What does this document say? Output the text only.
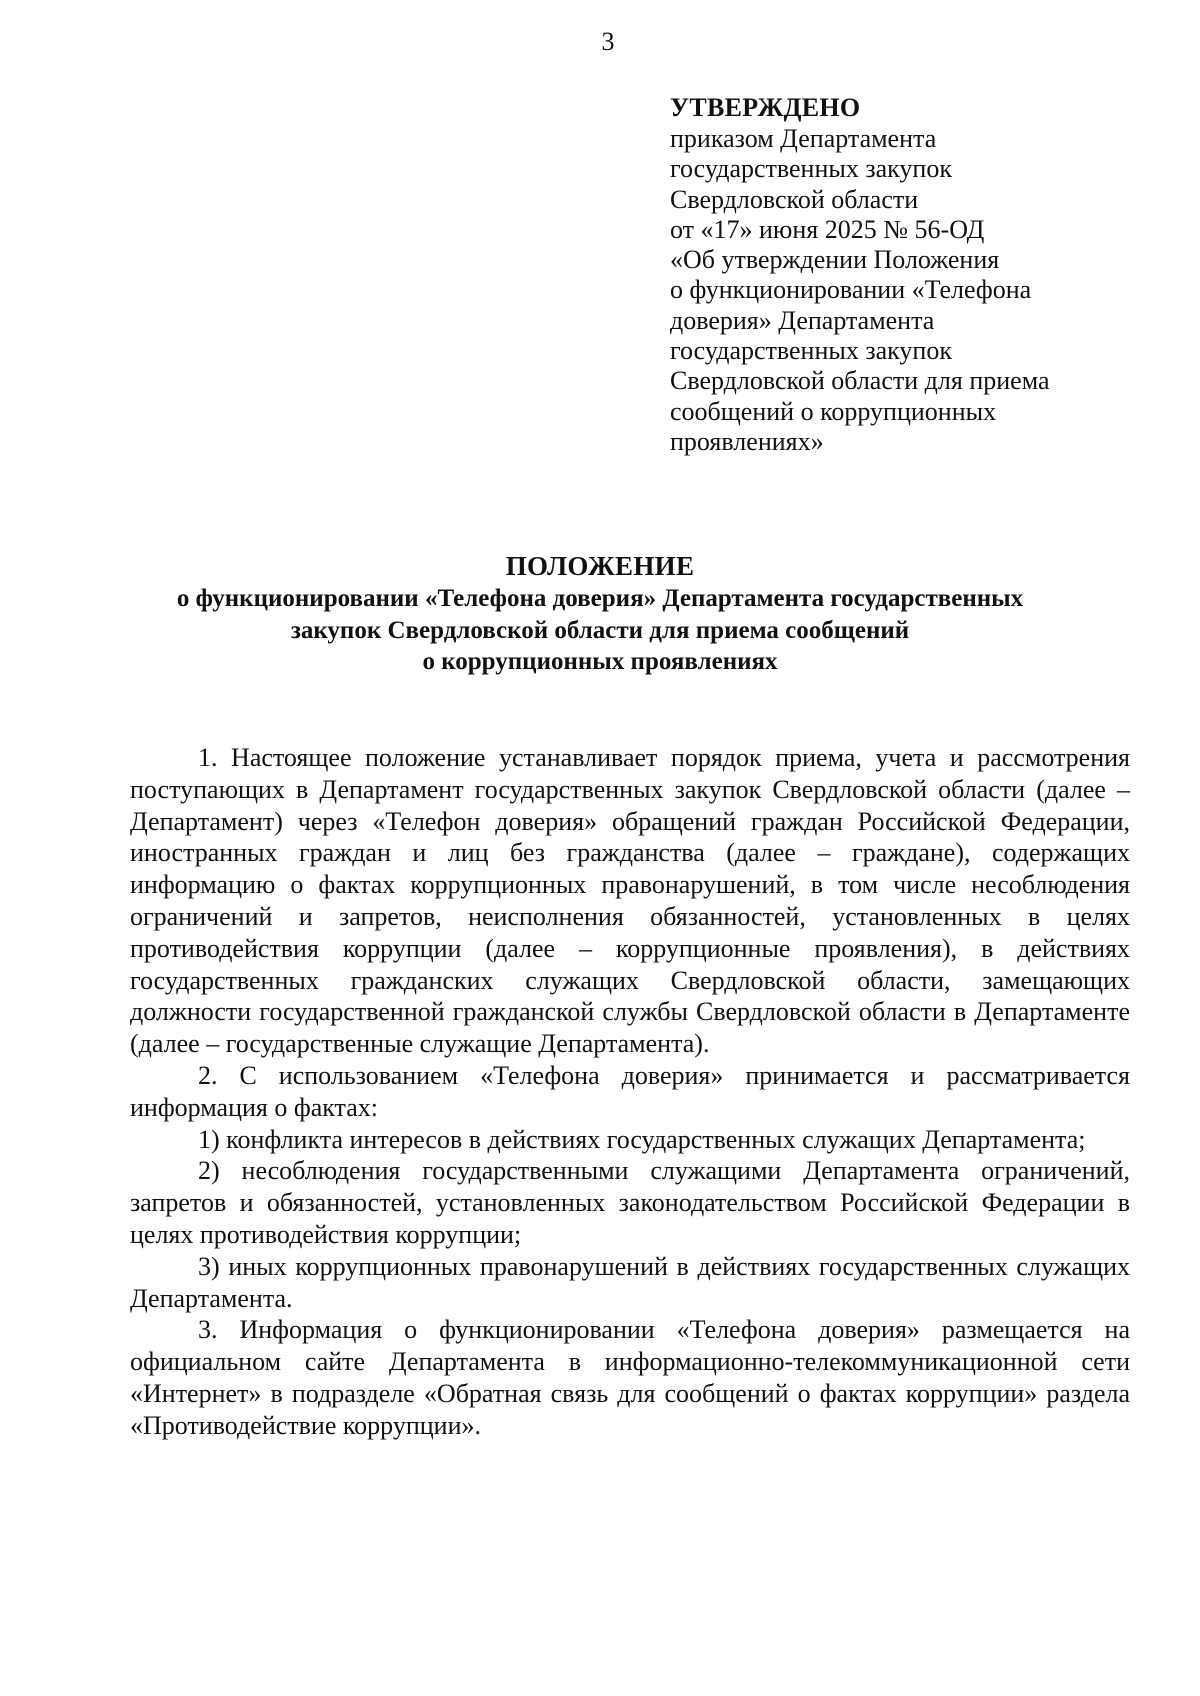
3
УТВЕРЖДЕНО
приказом Департамента
государственных закупок
Свердловской области
от «17» июня 2025 № 56-ОД
«Об утверждении Положения
о функционировании «Телефона
доверия» Департамента
государственных закупок
Свердловской области для приема
сообщений о коррупционных
проявлениях»
ПОЛОЖЕНИЕ
о функционировании «Телефона доверия» Департамента государственных
закупок Свердловской области для приема сообщений
о коррупционных проявлениях

1. Настоящее положение устанавливает порядок приема, учета и рассмотрения поступающих в Департамент государственных закупок Свердловской области (далее – Департамент) через «Телефон доверия» обращений граждан Российской Федерации, иностранных граждан и лиц без гражданства (далее – граждане), содержащих информацию о фактах коррупционных правонарушений, в том числе несоблюдения ограничений и запретов, неисполнения обязанностей, установленных в целях противодействия коррупции (далее – коррупционные проявления), в действиях государственных гражданских служащих Свердловской области, замещающих должности государственной гражданской службы Свердловской области в Департаменте (далее – государственные служащие Департамента).

2. С использованием «Телефона доверия» принимается и рассматривается информация о фактах:

1) конфликта интересов в действиях государственных служащих Департамента;

2) несоблюдения государственными служащими Департамента ограничений, запретов и обязанностей, установленных законодательством Российской Федерации в целях противодействия коррупции;

3) иных коррупционных правонарушений в действиях государственных служащих Департамента.

3. Информация о функционировании «Телефона доверия» размещается на официальном сайте Департамента в информационно-телекоммуникационной сети «Интернет» в подразделе «Обратная связь для сообщений о фактах коррупции» раздела «Противодействие коррупции».
